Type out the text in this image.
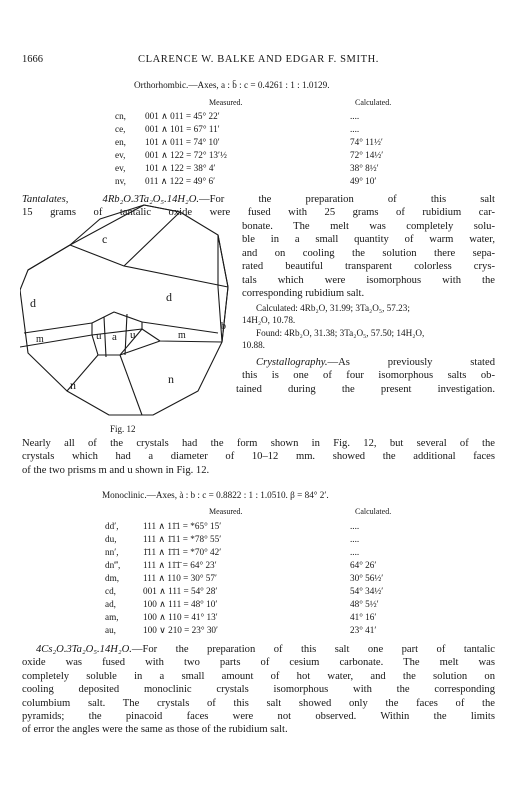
1666	CLARENCE W. BALKE AND EDGAR F. SMITH.
Orthorhombic.—Axes, a : b̄ : c = 0.4261 : 1 : 1.0129.
Measured.	Calculated.
cn,	001 ∧ 011 = 45° 22′	....
ce,	001 ∧ 101 = 67° 11′	....
en,	101 ∧ 011 = 74° 10′	74° 11½′
ev,	001 ∧ 122 = 72° 13′½	72° 14½′
ev,	101 ∧ 122 = 38° 4′	38° 8½′
nv,	011 ∧ 122 = 49° 6′	49° 10′
Tantalates, 4Rb₂O.3Ta₂O₅.14H₂O.—For the preparation of this salt
15 grams of tantalic oxide were fused with 25 grams of rubidium car-
bonate. The melt was completely solu-
ble in a small quantity of warm water,
and on cooling the solution there sepa-
rated beautiful transparent colorless crys-
tals which were isomorphous with the
corresponding rubidium salt.
Calculated: 4Rb₂O, 31.99; 3Ta₂O₅, 57.23;
14H₂O, 10.78.
Found: 4Rb₂O, 31.38; 3Ta₂O₅, 57.50; 14H₂O,
10.88.
Crystallography.—As previously stated
this is one of four isomorphous salts ob-
tained during the present investigation.
Nearly all of the crystals had the form shown in Fig. 12, but several of the
crystals which had a diameter of 10–12 mm. showed the additional faces
of the two prisms m and u shown in Fig. 12.
c
d	d
b
m	m
u a u
n	n
Fig. 12
Monoclinic.—Axes, à : b : c = 0.8822 : 1 : 1.0510. β = 84° 2′.
Measured.	Calculated.
dd′,	111 ∧ 11̄1 = *65° 15′	....
du,	111 ∧ 1̄11 = *78° 55′	....
nn′,	1̄11 ∧ 1̄1̄1 = *70° 42′	....
dn‴,	111 ∧ 11̄1̄ = 64° 23′	64° 26′
dm,	111 ∧ 110 = 30° 57′	30° 56½′
cd,	001 ∧ 111 = 54° 28′	54° 34½′
ad,	100 ∧ 111 = 48° 10′	48° 5½′
am,	100 ∧ 110 = 41° 13′	41° 16′
au,	100 ∨ 210 = 23° 30′	23° 41′
4Cs₂O.3Ta₂O₅.14H₂O.—For the preparation of this salt one part of tantalic
oxide was fused with two parts of cesium carbonate. The melt was
completely soluble in a small amount of hot water, and the solution on
cooling deposited monoclinic crystals isomorphous with the corresponding
columbium salt. The crystals of this salt showed only the faces of the
pyramids; the pinacoid faces were not observed. Within the limits
of error the angles were the same as those of the rubidium salt.
